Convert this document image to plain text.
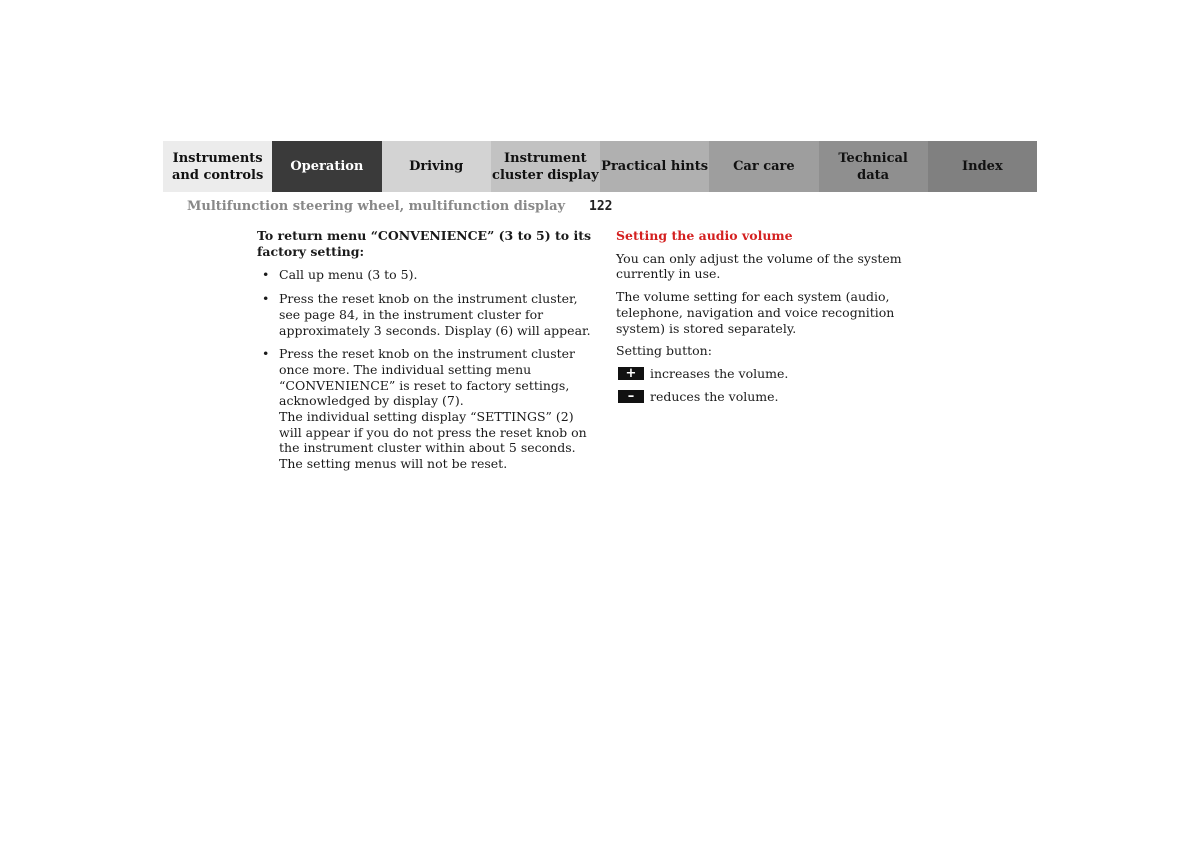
Instruments
and controls
Operation	Driving
Instrument
cluster display
Practical hints	Car care
Technical
data
Index
Multifunction steering wheel, multifunction display 122
To return menu “CONVENIENCE” (3 to 5) to its factory setting:
• Call up menu (3 to 5).
• Press the reset knob on the instrument cluster, see page 84, in the instrument cluster for approximately 3 seconds. Display (6) will appear.
• Press the reset knob on the instrument cluster once more. The individual setting menu “CONVENIENCE” is reset to factory settings, acknowledged by display (7).
The individual setting display “SETTINGS” (2) will appear if you do not press the reset knob on the instrument cluster within about 5 seconds. The setting menus will not be reset.
Setting the audio volume

You can only adjust the volume of the system currently in use.

The volume setting for each system (audio, telephone, navigation and voice recognition system) is stored separately.

Setting button:

+	increases the volume.
–	reduces the volume.
